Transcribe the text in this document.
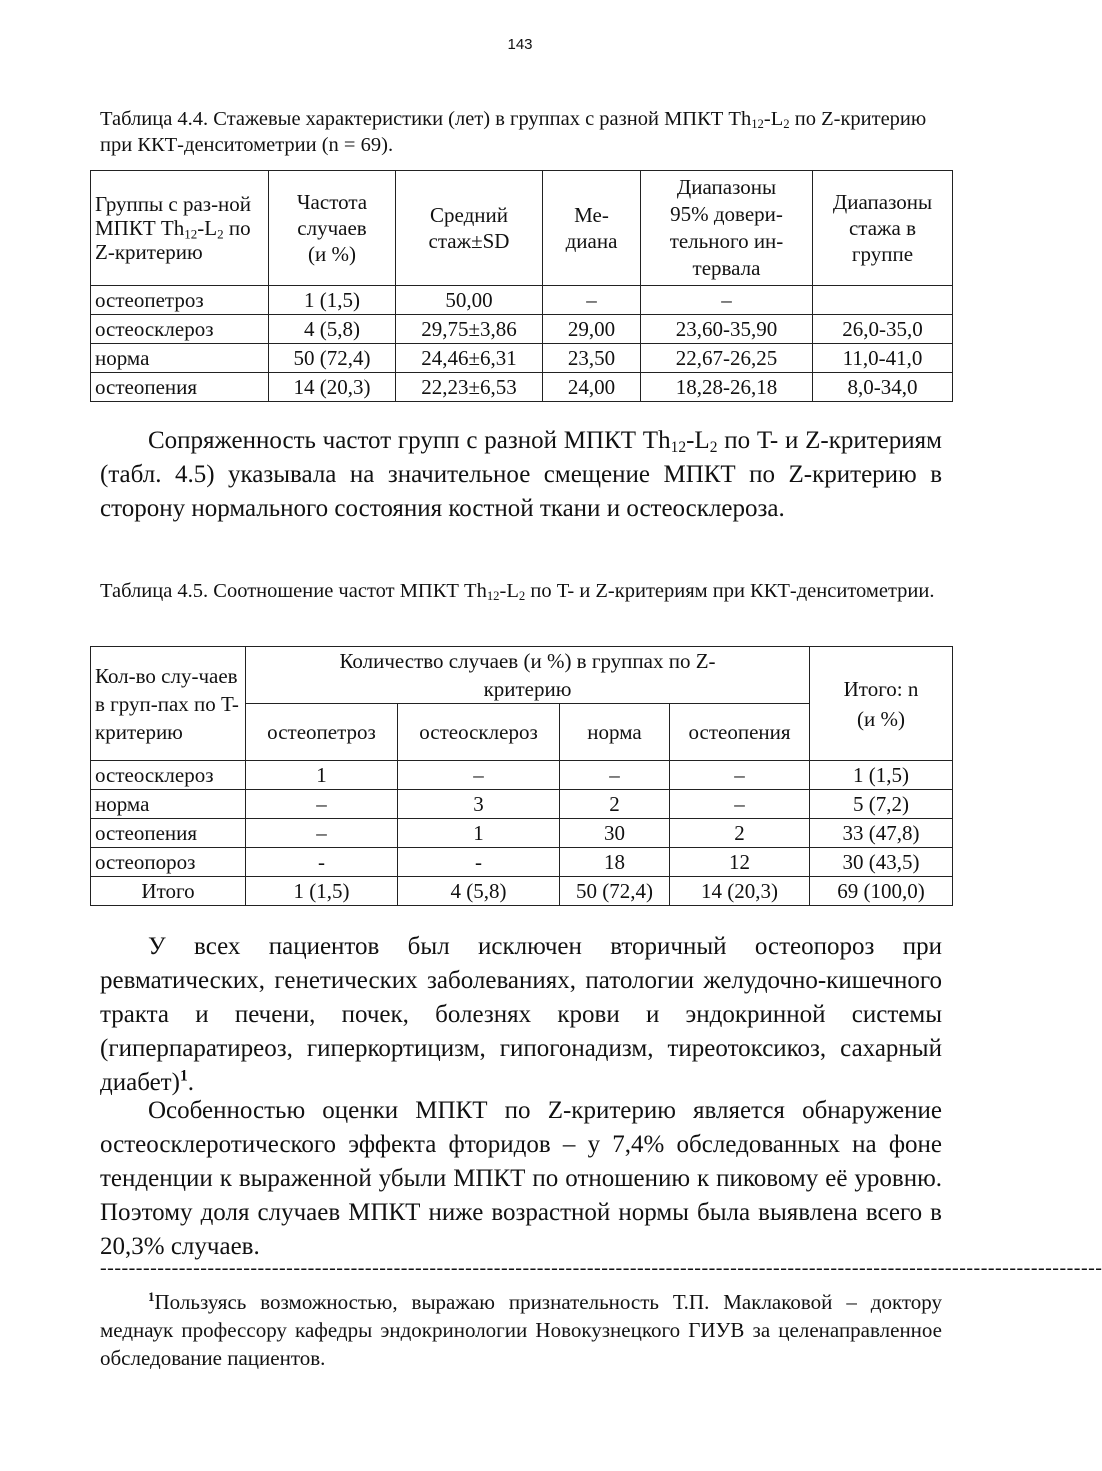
143
Таблица 4.4. Стажевые характеристики (лет) в группах с разной МПКТ $Th_{12}-L_2$ по Z-критерию при ККТ-денситометрии (n = 69).
Группы с раз-ной МПКТ $Th_{12}-L_2$ по Z-критерию	Частота случаев (и %)	Средний стаж±SD	Ме-диана	Диапазоны 95% довери-тельного ин-тервала	Диапазоны стажа в группе
остеопетроз	1 (1,5)	50,00	–	–	
остеосклероз	4 (5,8)	29,75±3,86	29,00	23,60-35,90	26,0-35,0
норма	50 (72,4)	24,46±6,31	23,50	22,67-26,25	11,0-41,0
остеопения	14 (20,3)	22,23±6,53	24,00	18,28-26,18	8,0-34,0
Сопряженность частот групп с разной МПКТ $Th_{12}-L_2$ по T- и Z-критериям (табл. 4.5) указывала на значительное смещение МПКТ по Z-критерию в сторону нормального состояния костной ткани и остеосклероза.
Таблица 4.5. Соотношение частот МПКТ $Th_{12}-L_2$ по T- и Z-критериям при ККТ-денситометрии.
Кол-во слу-чаев в груп-пах по T-критерию	Количество случаев (и %) в группах по Z-критерию				Итого: n (и %)
	остеопетроз	остеосклероз	норма	остеопения	
остеосклероз	1	–	–	–	1 (1,5)
норма	–	3	2	–	5 (7,2)
остеопения	–	1	30	2	33 (47,8)
остеопороз	-	-	18	12	30 (43,5)
Итого	1 (1,5)	4 (5,8)	50 (72,4)	14 (20,3)	69 (100,0)
У всех пациентов был исключен вторичный остеопороз при ревматических, генетических заболеваниях, патологии желудочно-кишечного тракта и печени, почек, болезнях крови и эндокринной системы (гиперпаратиреоз, гиперкортицизм, гипогонадизм, тиреотоксикоз, сахарный диабет)$^1$.
Особенностью оценки МПКТ по Z-критерию является обнаружение остеосклеротического эффекта фторидов – у 7,4% обследованных на фоне тенденции к выраженной убыли МПКТ по отношению к пиковому её уровню. Поэтому доля случаев МПКТ ниже возрастной нормы была выявлена всего в 20,3% случаев.
--------------------------------------------------------------------------------------------------------------------------------------------
$^1$Пользуясь возможностью, выражаю признательность Т.П. Маклаковой – доктору меднаук профессору кафедры эндокринологии Новокузнецкого ГИУВ за целенаправленное обследование пациентов.
